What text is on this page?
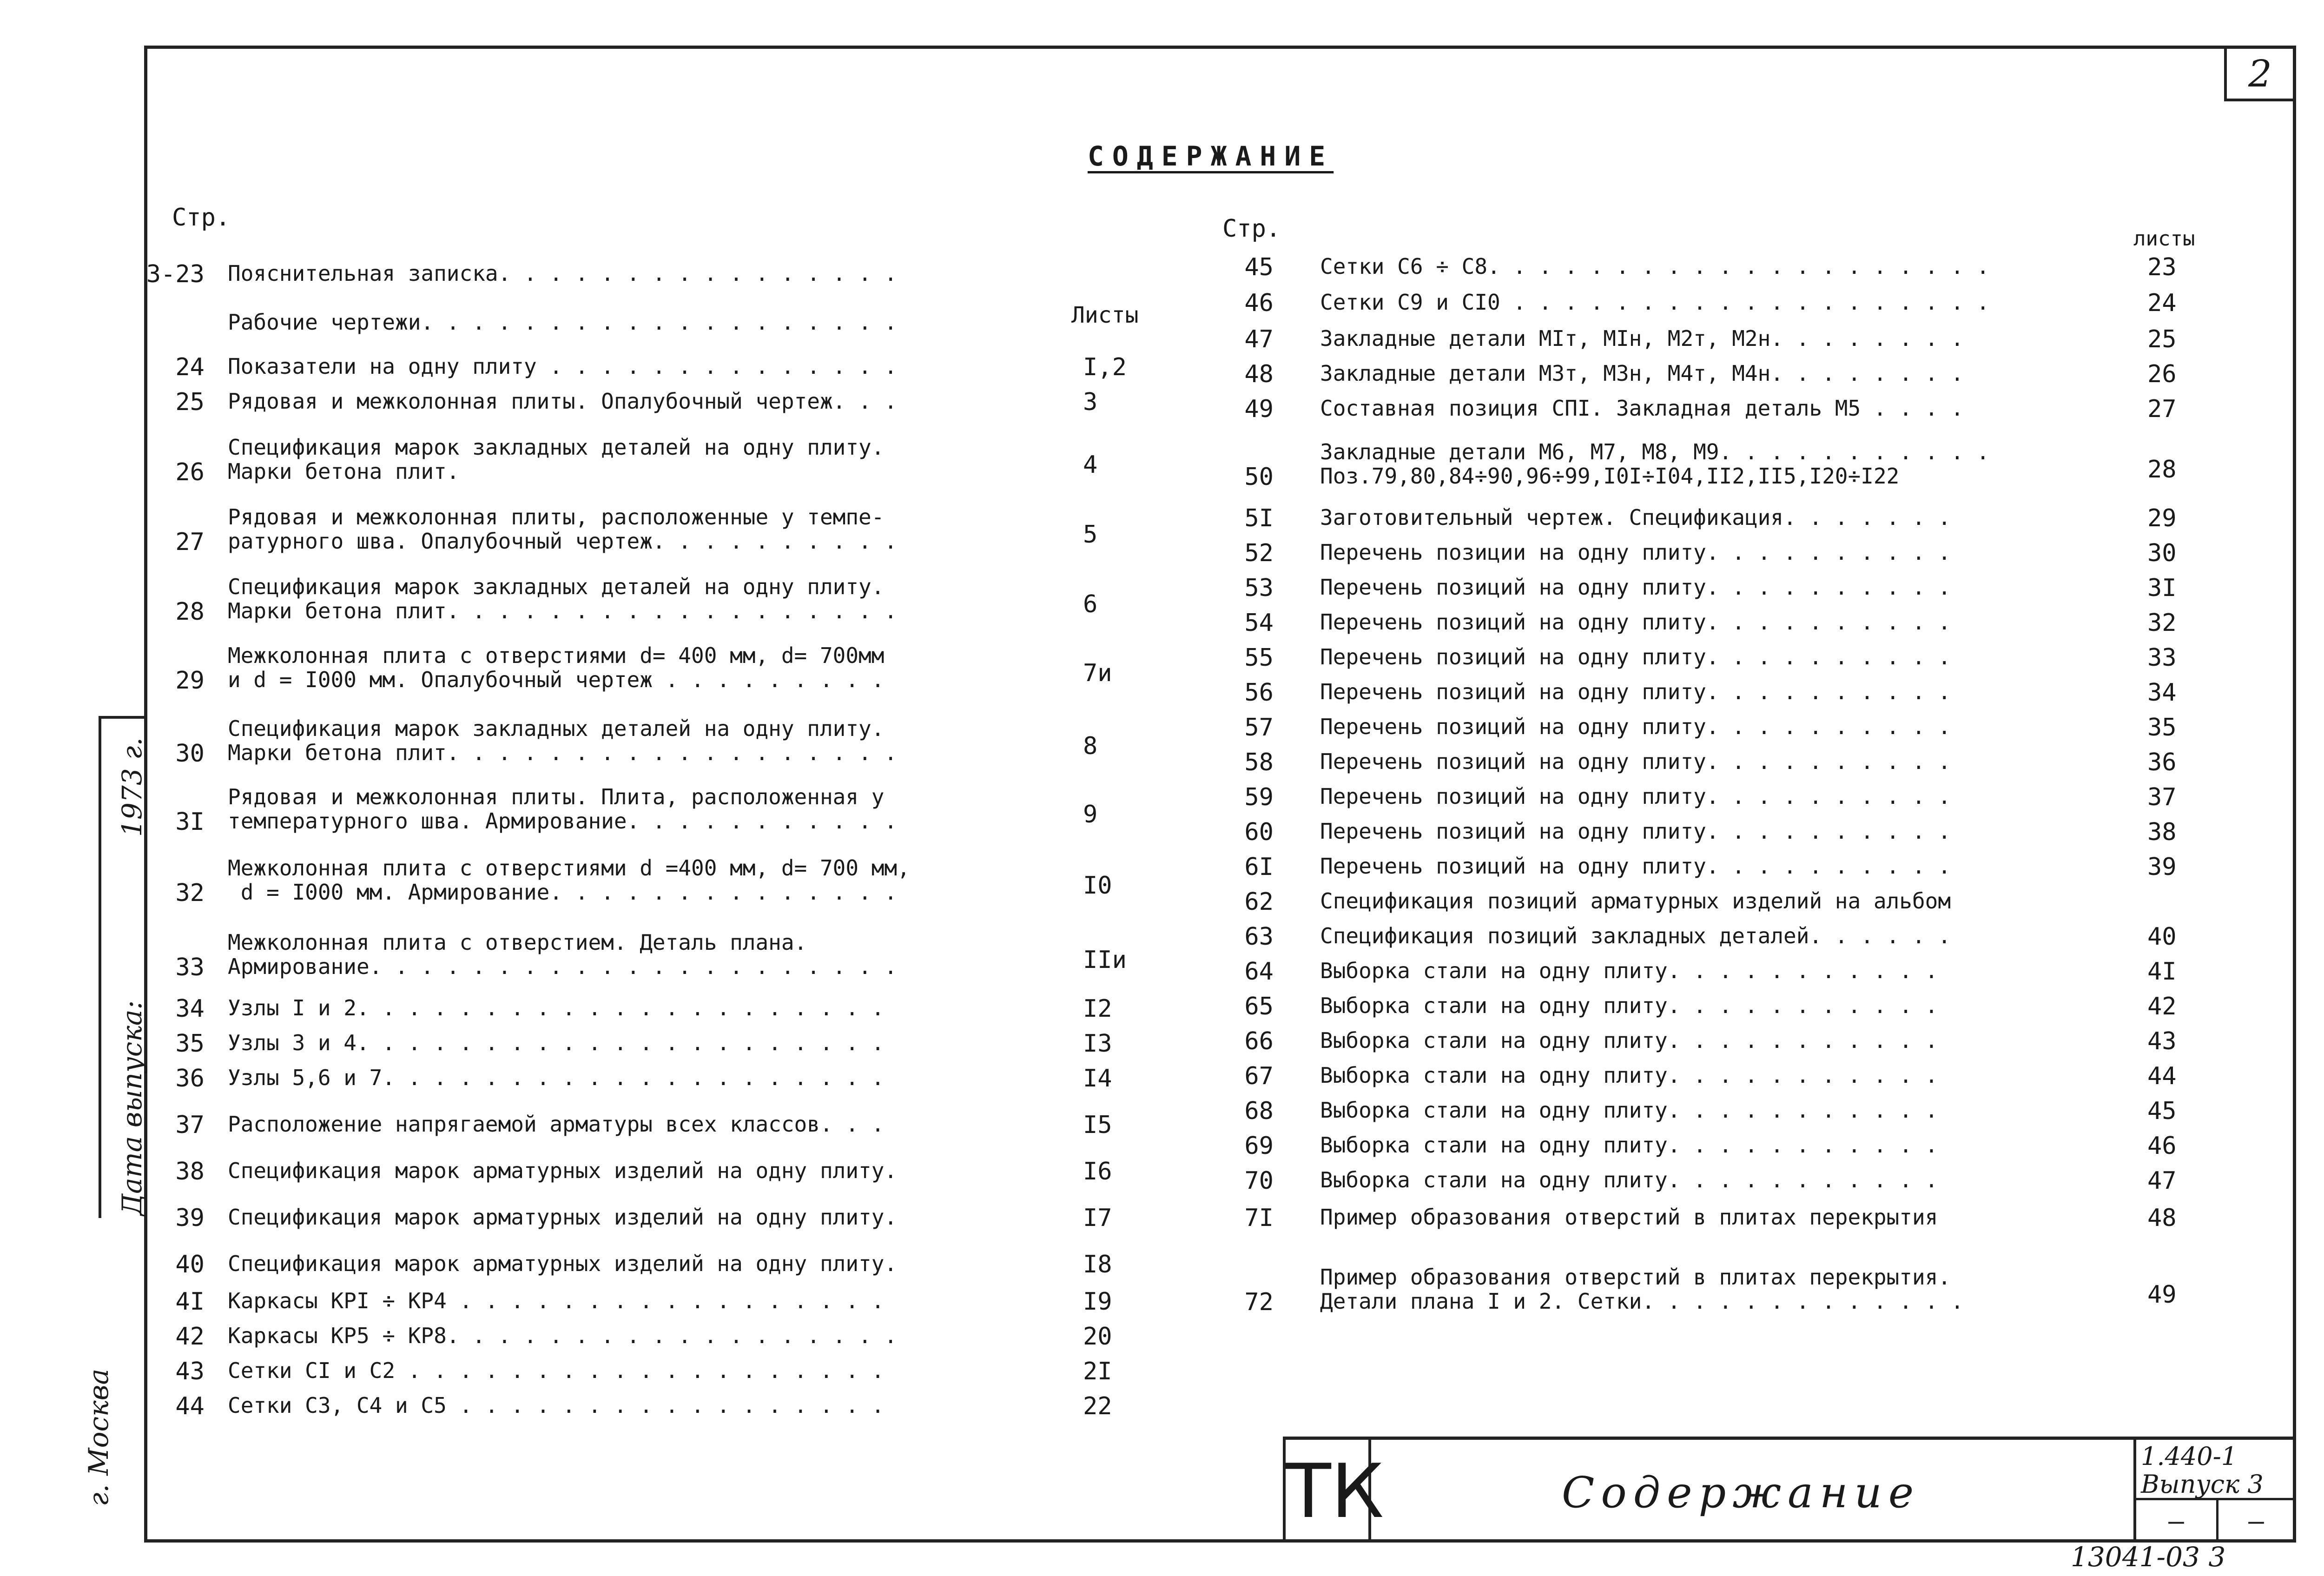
2
г. Москва
Дата выпуска:
1973 г.
СОДЕРЖАНИЕ
Стр.
Листы
Стр.	листы
3-23 Пояснительная записка. . . . . . . . . . . . . . . .
Рабочие чертежи. . . . . . . . . . . . . . . . . . .
24 Показатели на одну плиту . . . . . . . . . . . . . .	I,2
25 Рядовая и межколонная плиты. Опалубочный чертеж. . .	3
26
Спецификация марок закладных деталей на одну плиту.
Марки бетона плит.	4
27
Рядовая и межколонная плиты, расположенные у темпе-
ратурного шва. Опалубочный чертеж. . . . . . . . . .	5
28
Спецификация марок закладных деталей на одну плиту.
Марки бетона плит. . . . . . . . . . . . . . . . . .	6
29
Межколонная плита с отверстиями d= 400 мм, d= 700мм
и d = I000 мм. Опалубочный чертеж . . . . . . . . .	7и
30
Спецификация марок закладных деталей на одну плиту.
Марки бетона плит. . . . . . . . . . . . . . . . . .	8
3I
Рядовая и межколонная плиты. Плита, расположенная у
температурного шва. Армирование. . . . . . . . . . .	9
32
Межколонная плита с отверстиями d =400 мм, d= 700 мм,
d = I000 мм. Армирование. . . . . . . . . . . . . .	I0
33
Межколонная плита с отверстием. Деталь плана.
Армирование. . . . . . . . . . . . . . . . . . . . .	IIи
34 Узлы I и 2. . . . . . . . . . . . . . . . . . . . .	I2
35 Узлы 3 и 4. . . . . . . . . . . . . . . . . . . . .	I3
36 Узлы 5,6 и 7. . . . . . . . . . . . . . . . . . . .	I4
37 Расположение напрягаемой арматуры всех классов. . .	I5
38 Спецификация марок арматурных изделий на одну плиту.	I6
39 Спецификация марок арматурных изделий на одну плиту.	I7
40 Спецификация марок арматурных изделий на одну плиту.	I8
4I Каркасы КРI ÷ КР4 . . . . . . . . . . . . . . . . .	I9
42 Каркасы КР5 ÷ КР8. . . . . . . . . . . . . . . . . .	20
43 Сетки СI и С2 . . . . . . . . . . . . . . . . . . .	2I
44 Сетки С3, С4 и С5 . . . . . . . . . . . . . . . . .	22
45 Сетки С6 ÷ С8. . . . . . . . . . . . . . . . . . . .	23
46 Сетки С9 и СI0 . . . . . . . . . . . . . . . . . . .	24
47 Закладные детали МIт, МIн, М2т, М2н. . . . . . . .	25
48 Закладные детали М3т, М3н, М4т, М4н. . . . . . . .	26
49 Составная позиция СПI. Закладная деталь М5 . . . .	27
50
Закладные детали М6, М7, М8, М9. . . . . . . . . . .
Поз.79,80,84÷90,96÷99,I0I÷I04,II2,II5,I20÷I22	28
5I Заготовительный чертеж. Спецификация. . . . . . .	29
52 Перечень позиции на одну плиту. . . . . . . . . .	30
53 Перечень позиций на одну плиту. . . . . . . . . .	3I
54 Перечень позиций на одну плиту. . . . . . . . . .	32
55 Перечень позиций на одну плиту. . . . . . . . . .	33
56 Перечень позиций на одну плиту. . . . . . . . . .	34
57 Перечень позиций на одну плиту. . . . . . . . . .	35
58 Перечень позиций на одну плиту. . . . . . . . . .	36
59 Перечень позиций на одну плиту. . . . . . . . . .	37
60 Перечень позиций на одну плиту. . . . . . . . . .	38
6I Перечень позиций на одну плиту. . . . . . . . . .	39
62 Спецификация позиций арматурных изделий на альбом
63 Спецификация позиций закладных деталей. . . . . .	40
64 Выборка стали на одну плиту. . . . . . . . . . .	4I
65 Выборка стали на одну плиту. . . . . . . . . . .	42
66 Выборка стали на одну плиту. . . . . . . . . . .	43
67 Выборка стали на одну плиту. . . . . . . . . . .	44
68 Выборка стали на одну плиту. . . . . . . . . . .	45
69 Выборка стали на одну плиту. . . . . . . . . . .	46
70 Выборка стали на одну плиту. . . . . . . . . . .	47
7I Пример образования отверстий в плитах перекрытия	48
72
Пример образования отверстий в плитах перекрытия.
Детали плана I и 2. Сетки. . . . . . . . . . . . .	49
ТК	Содержание
1.440-1
Выпуск 3
—	—
13041-03 3
